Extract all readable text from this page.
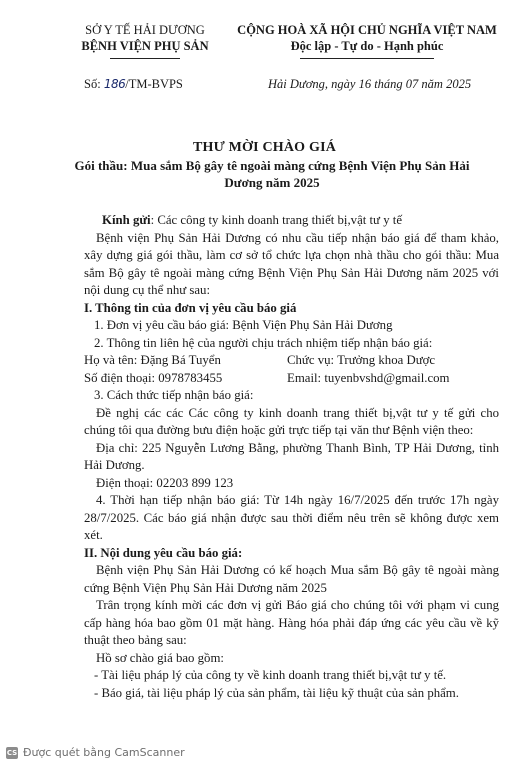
SỞ Y TẾ HẢI DƯƠNG
BỆNH VIỆN PHỤ SẢN
CỘNG HOÀ XÃ HỘI CHỦ NGHĨA VIỆT NAM
Độc lập - Tự do - Hạnh phúc
Số: 186/TM-BVPS	Hải Dương, ngày 16 tháng 07 năm 2025
THƯ MỜI CHÀO GIÁ
Gói thầu: Mua sắm Bộ gây tê ngoài màng cứng Bệnh Viện Phụ Sản Hải Dương năm 2025

Kính gửi: Các công ty kinh doanh trang thiết bị,vật tư y tế

Bệnh viện Phụ Sản Hải Dương có nhu cầu tiếp nhận báo giá để tham khảo, xây dựng giá gói thầu, làm cơ sở tổ chức lựa chọn nhà thầu cho gói thầu: Mua sắm Bộ gây tê ngoài màng cứng Bệnh Viện Phụ Sản Hải Dương năm 2025 với nội dung cụ thể như sau:

I. Thông tin của đơn vị yêu cầu báo giá

1. Đơn vị yêu cầu báo giá: Bệnh Viện Phụ Sản Hải Dương

2. Thông tin liên hệ của người chịu trách nhiệm tiếp nhận báo giá:

Họ và tên: Đặng Bá Tuyển	Chức vụ: Trưởng khoa Dược
Số điện thoại: 0978783455	Email: tuyenbvshd@gmail.com

3. Cách thức tiếp nhận báo giá:

Đề nghị các các Các công ty kinh doanh trang thiết bị,vật tư y tế gửi cho chúng tôi qua đường bưu điện hoặc gửi trực tiếp tại văn thư Bệnh viện theo:

Địa chỉ: 225 Nguyễn Lương Bằng, phường Thanh Bình, TP Hải Dương, tỉnh Hải Dương.

Điện thoại: 02203 899 123

4. Thời hạn tiếp nhận báo giá: Từ 14h ngày 16/7/2025 đến trước 17h ngày 28/7/2025. Các báo giá nhận được sau thời điểm nêu trên sẽ không được xem xét.

II. Nội dung yêu cầu báo giá:

Bệnh viện Phụ Sản Hải Dương có kế hoạch Mua sắm Bộ gây tê ngoài màng cứng Bệnh Viện Phụ Sản Hải Dương năm 2025

Trân trọng kính mời các đơn vị gửi Báo giá cho chúng tôi với phạm vi cung cấp hàng hóa bao gồm 01 mặt hàng. Hàng hóa phải đáp ứng các yêu cầu về kỹ thuật theo bảng sau:

Hồ sơ chào giá bao gồm:

- Tài liệu pháp lý của công ty về kinh doanh trang thiết bị,vật tư y tế.

- Báo giá, tài liệu pháp lý của sản phẩm, tài liệu kỹ thuật của sản phẩm.

CS Được quét bằng CamScanner
